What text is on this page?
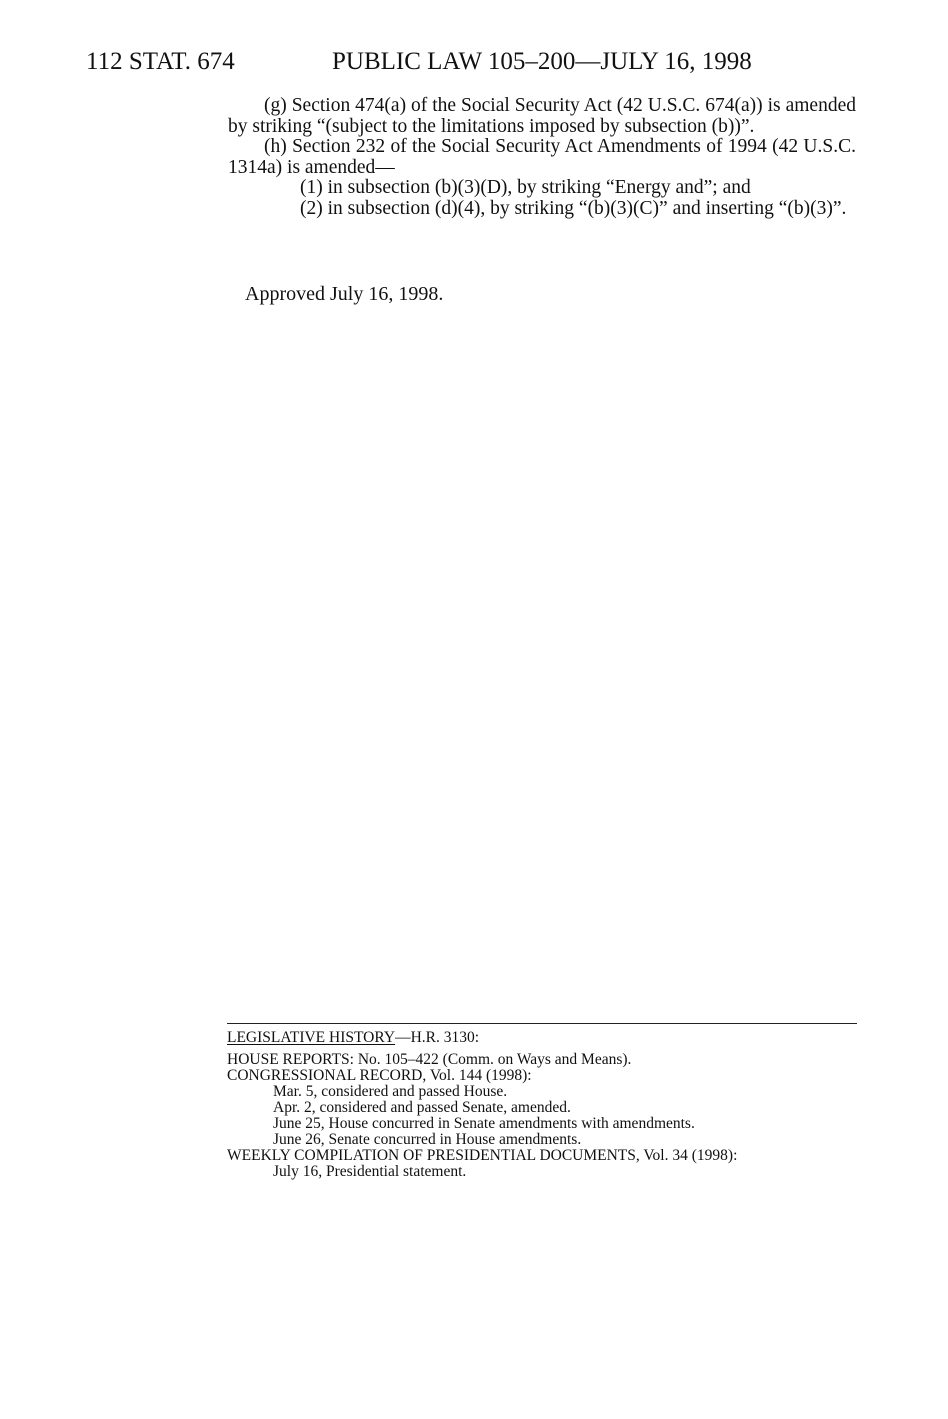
112 STAT. 674	PUBLIC LAW 105–200—JULY 16, 1998

(g) Section 474(a) of the Social Security Act (42 U.S.C. 674(a)) is amended by striking “(subject to the limitations imposed by subsection (b))”.

(h) Section 232 of the Social Security Act Amendments of 1994 (42 U.S.C. 1314a) is amended—

(1) in subsection (b)(3)(D), by striking “Energy and”; and

(2) in subsection (d)(4), by striking “(b)(3)(C)” and inserting “(b)(3)”.

Approved July 16, 1998.

LEGISLATIVE HISTORY—H.R. 3130:

HOUSE REPORTS: No. 105–422 (Comm. on Ways and Means).

CONGRESSIONAL RECORD, Vol. 144 (1998):

Mar. 5, considered and passed House.

Apr. 2, considered and passed Senate, amended.

June 25, House concurred in Senate amendments with amendments.

June 26, Senate concurred in House amendments.

WEEKLY COMPILATION OF PRESIDENTIAL DOCUMENTS, Vol. 34 (1998):

July 16, Presidential statement.
